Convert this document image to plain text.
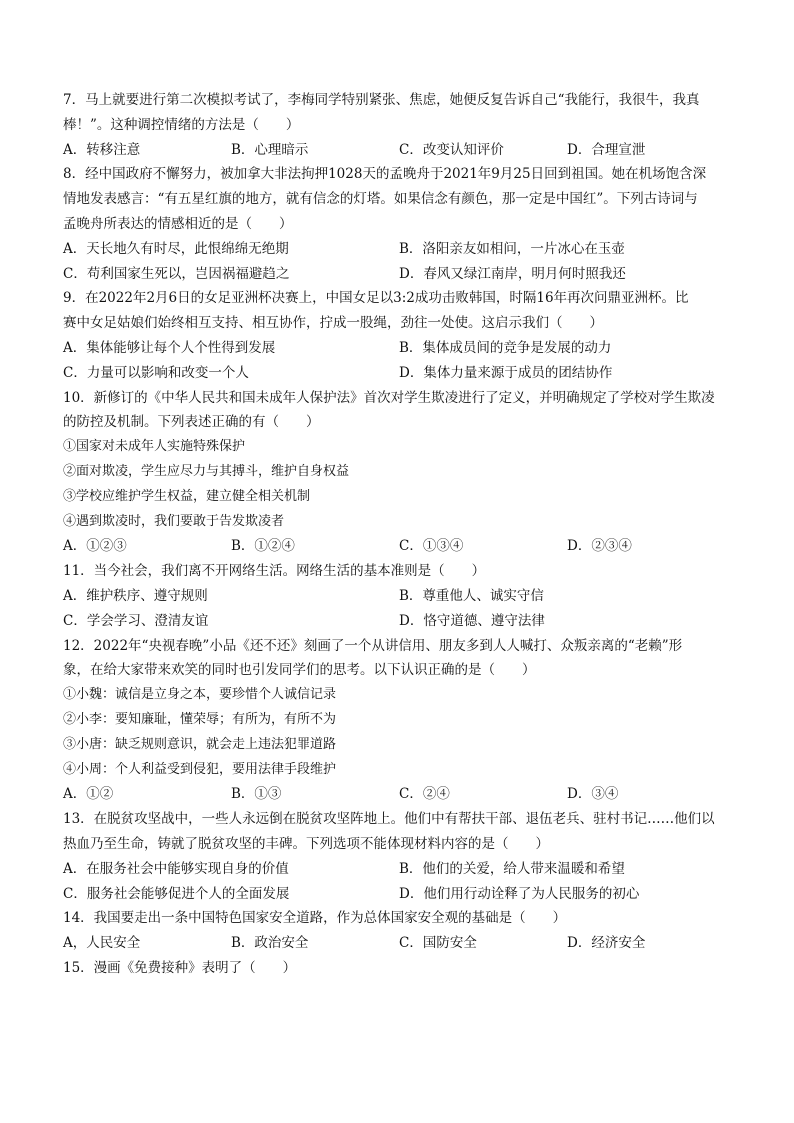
7．马上就要进行第二次模拟考试了，李梅同学特别紧张、焦虑，她便反复告诉自己“我能行，我很牛，我真
棒！”。这种调控情绪的方法是（　　）
A．转移注意	B．心理暗示	C．改变认知评价	D．合理宣泄
8．经中国政府不懈努力，被加拿大非法拘押1028天的孟晚舟于2021年9月25日回到祖国。她在机场饱含深
情地发表感言：“有五星红旗的地方，就有信念的灯塔。如果信念有颜色，那一定是中国红”。下列古诗词与
孟晚舟所表达的情感相近的是（　　）
A．天长地久有时尽，此恨绵绵无绝期	B．洛阳亲友如相问，一片冰心在玉壶
C．苟利国家生死以，岂因祸福避趋之	D．春风又绿江南岸，明月何时照我还
9．在2022年2月6日的女足亚洲杯决赛上，中国女足以3:2成功击败韩国，时隔16年再次问鼎亚洲杯。比
赛中女足姑娘们始终相互支持、相互协作，拧成一股绳，劲往一处使。这启示我们（　　）
A．集体能够让每个人个性得到发展	B．集体成员间的竞争是发展的动力
C．力量可以影响和改变一个人	D．集体力量来源于成员的团结协作
10．新修订的《中华人民共和国未成年人保护法》首次对学生欺凌进行了定义，并明确规定了学校对学生欺凌
的防控及机制。下列表述正确的有（　　）
①国家对未成年人实施特殊保护
②面对欺凌，学生应尽力与其搏斗，维护自身权益
③学校应维护学生权益，建立健全相关机制
④遇到欺凌时，我们要敢于告发欺凌者
A．①②③	B．①②④	C．①③④	D．②③④
11．当今社会，我们离不开网络生活。网络生活的基本准则是（　　）
A．维护秩序、遵守规则	B．尊重他人、诚实守信
C．学会学习、澄清友谊	D．恪守道德、遵守法律
12．2022年“央视春晚”小品《还不还》刻画了一个从讲信用、朋友多到人人喊打、众叛亲离的“老赖”形
象，在给大家带来欢笑的同时也引发同学们的思考。以下认识正确的是（　　）
①小魏：诚信是立身之本，要珍惜个人诚信记录
②小李：要知廉耻，懂荣辱；有所为，有所不为
③小唐：缺乏规则意识，就会走上违法犯罪道路
④小周：个人利益受到侵犯，要用法律手段维护
A．①②	B．①③	C．②④	D．③④
13．在脱贫攻坚战中，一些人永远倒在脱贫攻坚阵地上。他们中有帮扶干部、退伍老兵、驻村书记……他们以
热血乃至生命，铸就了脱贫攻坚的丰碑。下列选项不能体现材料内容的是（　　）
A．在服务社会中能够实现自身的价值	B．他们的关爱，给人带来温暖和希望
C．服务社会能够促进个人的全面发展	D．他们用行动诠释了为人民服务的初心
14．我国要走出一条中国特色国家安全道路，作为总体国家安全观的基础是（　　）
A，人民安全	B．政治安全	C．国防安全	D．经济安全
15．漫画《免费接种》表明了（　　）
